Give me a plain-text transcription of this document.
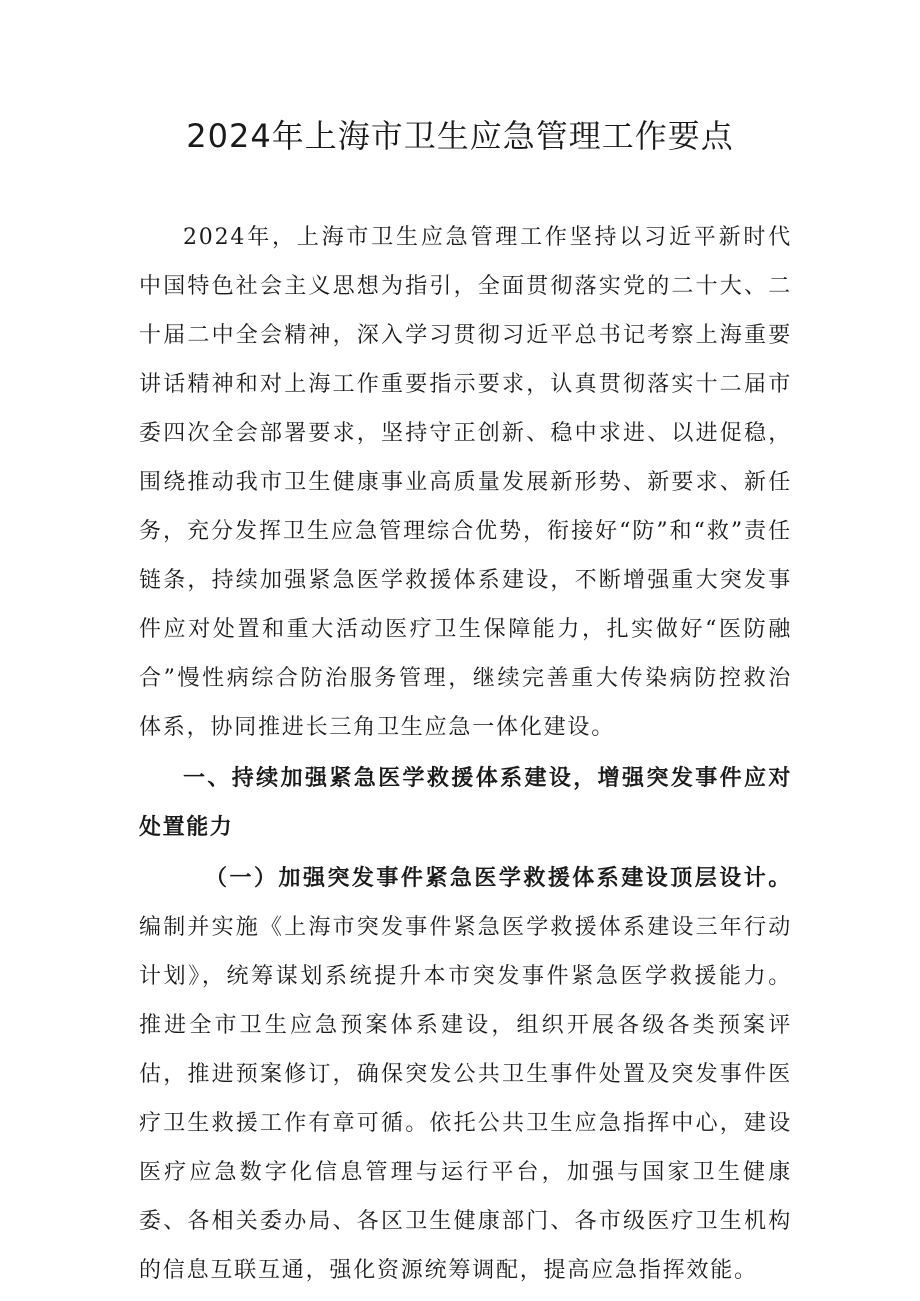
2024年上海市卫生应急管理工作要点

2024年，上海市卫生应急管理工作坚持以习近平新时代中国特色社会主义思想为指引，全面贯彻落实党的二十大、二十届二中全会精神，深入学习贯彻习近平总书记考察上海重要讲话精神和对上海工作重要指示要求，认真贯彻落实十二届市委四次全会部署要求，坚持守正创新、稳中求进、以进促稳，围绕推动我市卫生健康事业高质量发展新形势、新要求、新任务，充分发挥卫生应急管理综合优势，衔接好“防”和“救”责任链条，持续加强紧急医学救援体系建设，不断增强重大突发事件应对处置和重大活动医疗卫生保障能力，扎实做好“医防融合”慢性病综合防治服务管理，继续完善重大传染病防控救治体系，协同推进长三角卫生应急一体化建设。

一、持续加强紧急医学救援体系建设，增强突发事件应对处置能力

（一）加强突发事件紧急医学救援体系建设顶层设计。编制并实施《上海市突发事件紧急医学救援体系建设三年行动计划》，统筹谋划系统提升本市突发事件紧急医学救援能力。推进全市卫生应急预案体系建设，组织开展各级各类预案评估，推进预案修订，确保突发公共卫生事件处置及突发事件医疗卫生救援工作有章可循。依托公共卫生应急指挥中心，建设医疗应急数字化信息管理与运行平台，加强与国家卫生健康委、各相关委办局、各区卫生健康部门、各市级医疗卫生机构的信息互联互通，强化资源统筹调配，提高应急指挥效能。
